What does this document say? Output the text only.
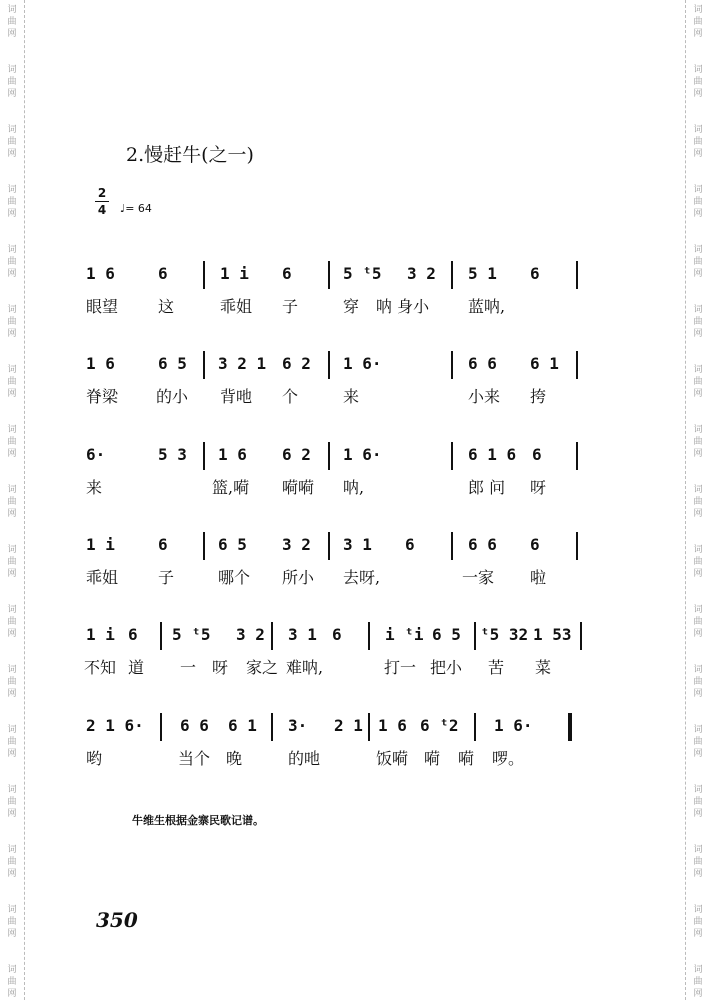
2.慢赶牛(之一)
2
4 ♩= 64
1 6	6	1 i 6	5 ᵗ5 3 2 5 1 6
眼望 这	乖姐 子	穿 呐 身小 蓝呐,
1 6	6 5 3 2 1 6 2 1 6·	6 6 6 1
脊梁 的小 背吔 个	来	小来 挎
6·	5 3 1 6 6 2 1 6·	6 1 6 6
来	篮,嗬 嗬嗬 呐,	郎 问 呀
1 i	6	6 5 3 2 3 1 6	6 6 6
乖姐 子	哪个 所小 去呀,	一家 啦
1 i 6 5 ᵗ5 3 2 3 1 6	i ᵗi 6 5 ᵗ5 32 1 53
不知 道 一 呀 家之 难呐,	打一 把小 苦 菜
2 1 6· 6 6 6 1 3· 2 1 1 6 6 ᵗ2 1 6·
哟	当个 晚	的吔	饭嗬 嗬 嗬 啰。
牛维生根据金寨民歌记谱。
350
词
曲
网
词
曲
网
词
曲
网
词
曲
网
词
曲
网
词
曲
网
词
曲
网
词
曲
网
词
曲
网
词
曲
网
词
曲
网
词
曲
网
词
曲
网
词
曲
网
词
曲
网
词
曲
网
词
曲
网
词
曲
网
词
曲
网
词
曲
网
词
曲
网
词
曲
网
词
曲
网
词
曲
网
词
曲
网
词
曲
网
词
曲
网
词
曲
网
词
曲
网
词
曲
网
词
曲
网
词
曲
网
词
曲
网
词
曲
网
